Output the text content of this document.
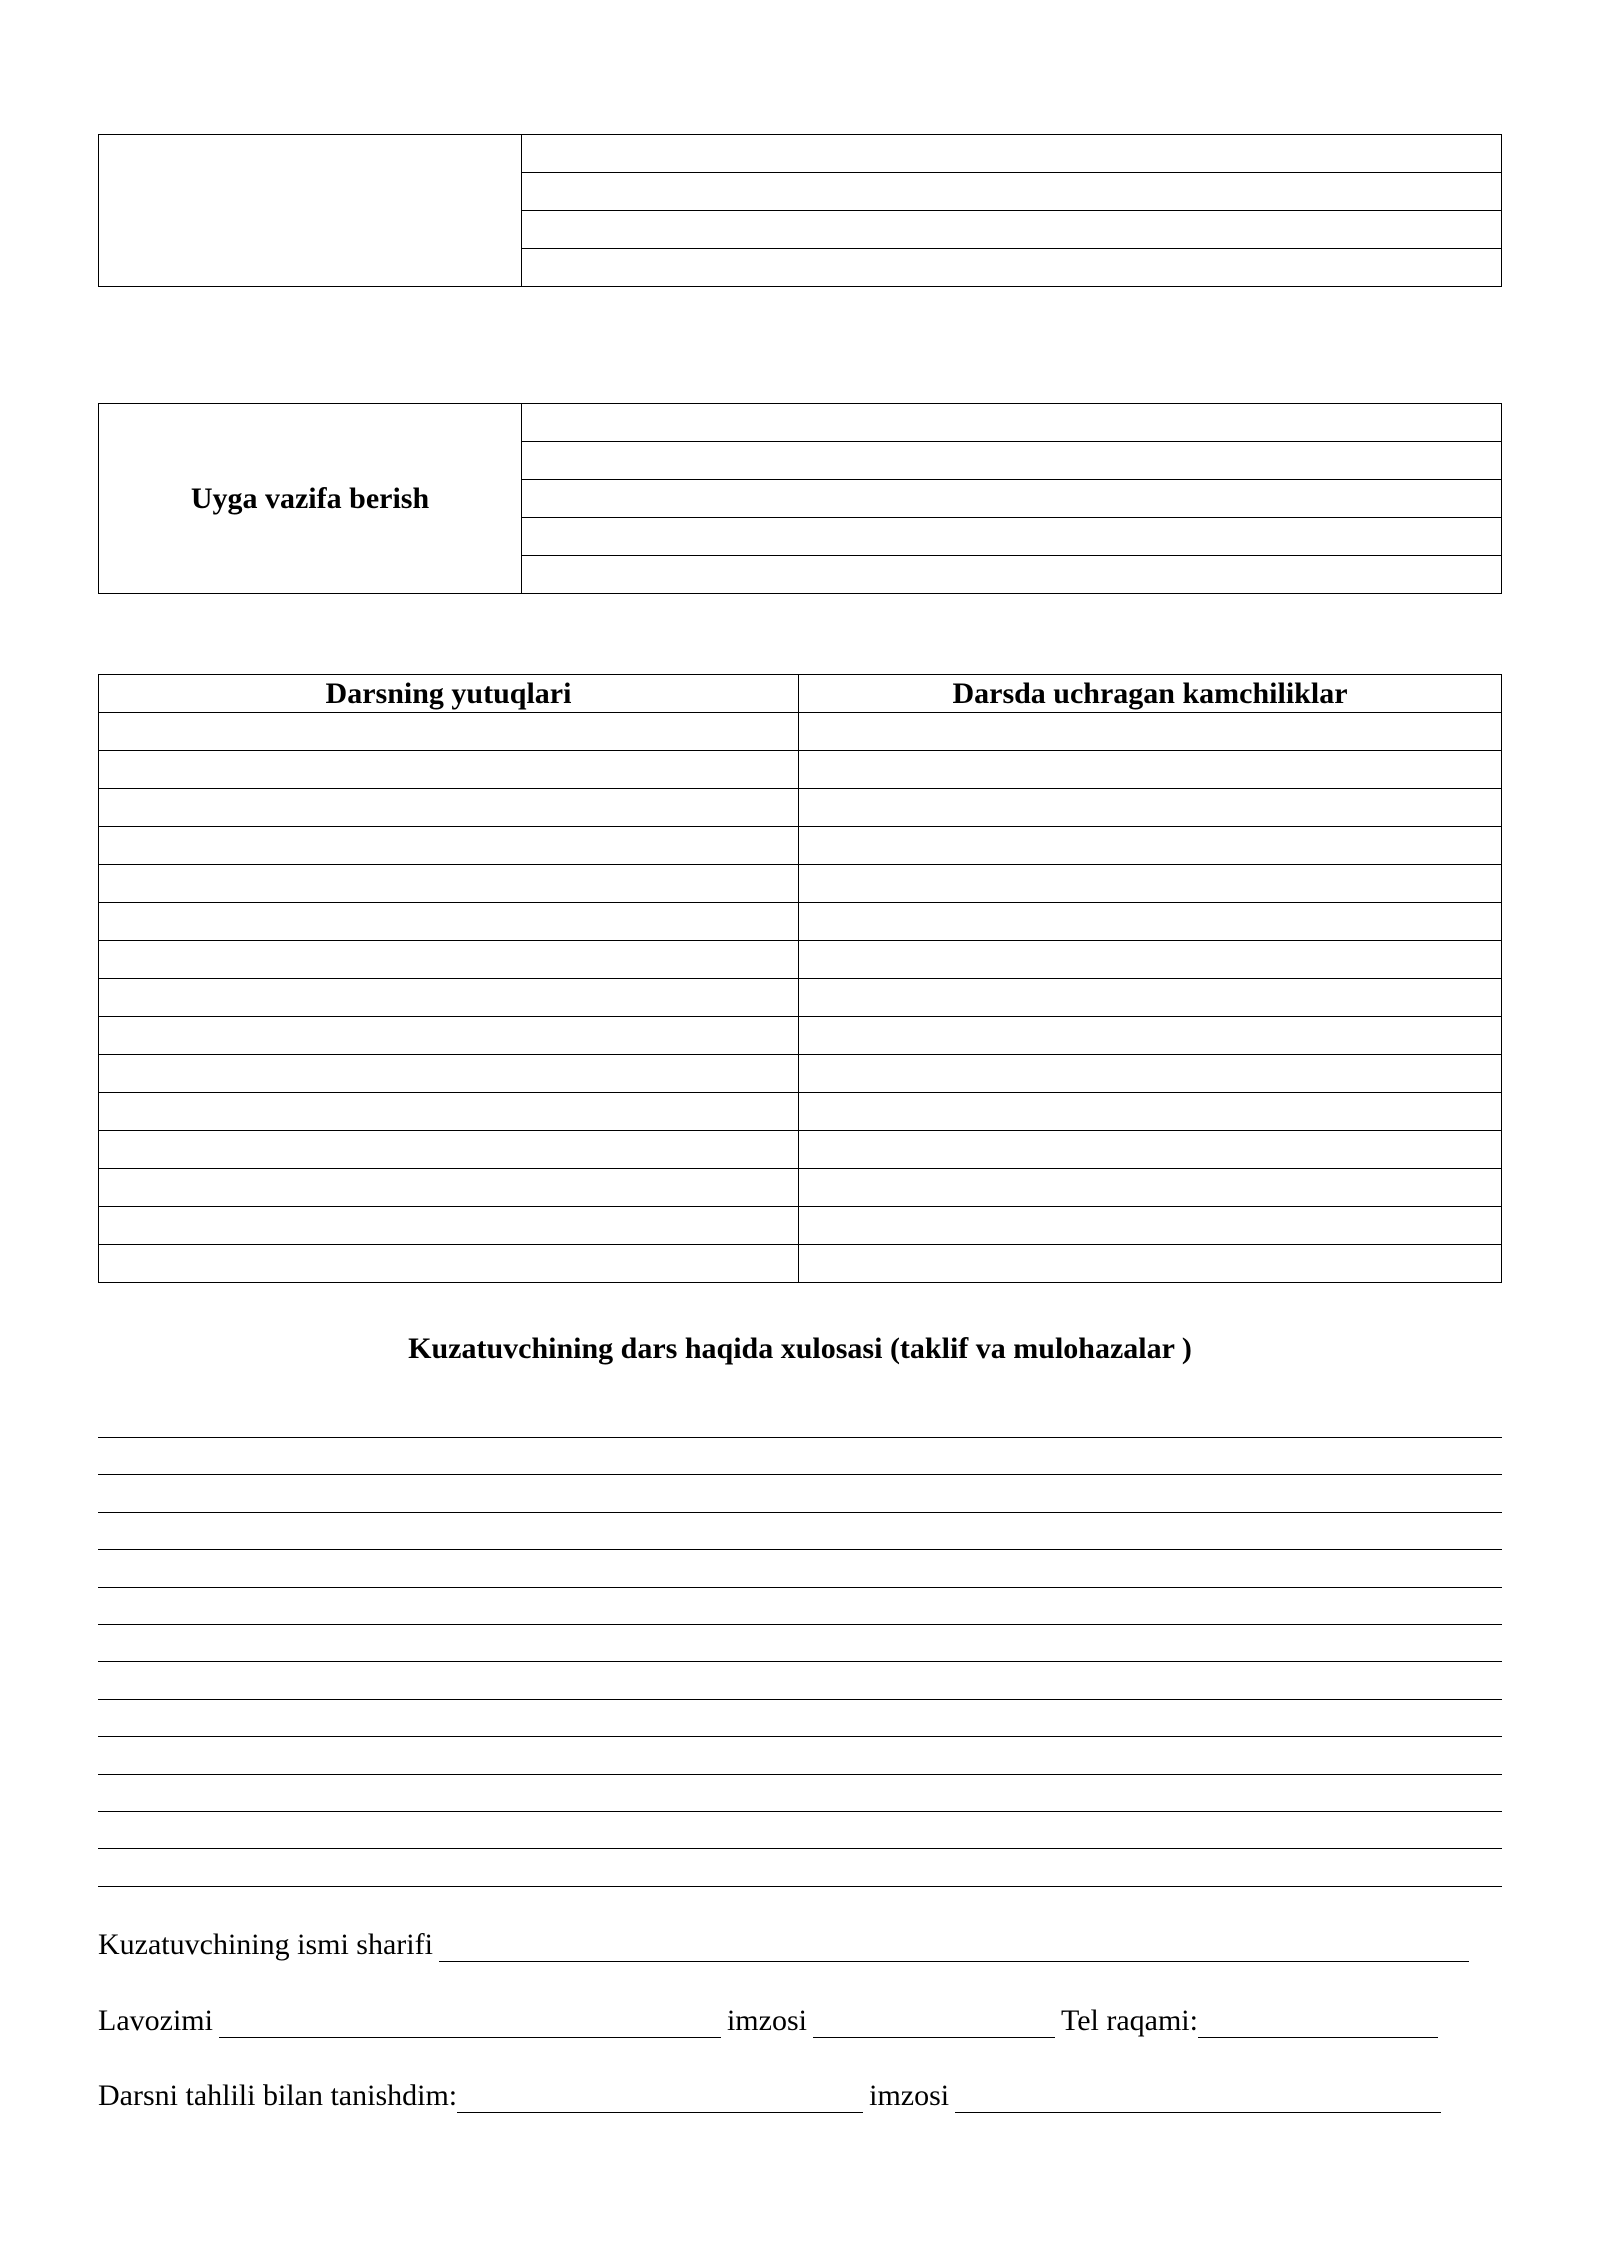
Uyga vazifa berish	

Darsning yutuqlari	Darsda uchragan kamchiliklar

Kuzatuvchining dars haqida xulosasi (taklif va mulohazalar )
Kuzatuvchining ismi sharifi
Lavozimi	imzosi	Tel raqami:
Darsni tahlili bilan tanishdim:	imzosi
